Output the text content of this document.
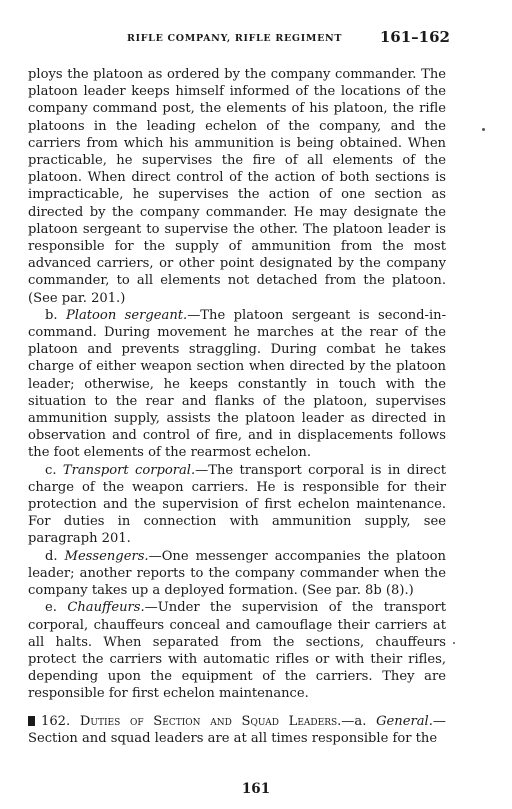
RIFLE COMPANY, RIFLE REGIMENT	161–162

ploys the platoon as ordered by the company commander. The platoon leader keeps himself informed of the locations of the company command post, the elements of his platoon, the rifle platoons in the leading echelon of the company, and the carriers from which his ammunition is being obtained. When practicable, he supervises the fire of all elements of the platoon. When direct control of the action of both sections is impracticable, he supervises the action of one section as directed by the company commander. He may designate the platoon sergeant to supervise the other. The platoon leader is responsible for the supply of ammunition from the most advanced carriers, or other point designated by the company commander, to all elements not detached from the platoon. (See par. 201.)

b. Platoon sergeant.—The platoon sergeant is second-in-command. During movement he marches at the rear of the platoon and prevents straggling. During combat he takes charge of either weapon section when directed by the platoon leader; otherwise, he keeps constantly in touch with the situation to the rear and flanks of the platoon, supervises ammunition supply, assists the platoon leader as directed in observation and control of fire, and in displacements follows the foot elements of the rearmost echelon.

c. Transport corporal.—The transport corporal is in direct charge of the weapon carriers. He is responsible for their protection and the supervision of first echelon maintenance. For duties in connection with ammunition supply, see paragraph 201.

d. Messengers.—One messenger accompanies the platoon leader; another reports to the company commander when the company takes up a deployed formation. (See par. 8b (8).)

e. Chauffeurs.—Under the supervision of the transport corporal, chauffeurs conceal and camouflage their carriers at all halts. When separated from the sections, chauffeurs protect the carriers with automatic rifles or with their rifles, depending upon the equipment of the carriers. They are responsible for first echelon maintenance.

162. Duties of Section and Squad Leaders.—a. General.— Section and squad leaders are at all times responsible for the

161
